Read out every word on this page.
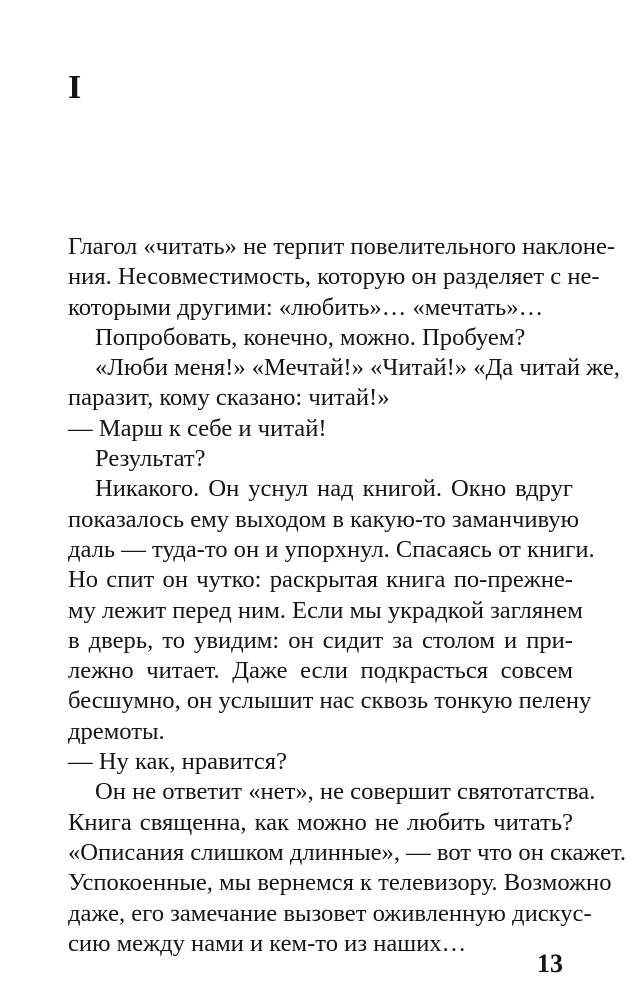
I
Глагол «читать» не терпит повелительного наклоне-
ния. Несовместимость, которую он разделяет с не-
которыми другими: «любить»… «мечтать»…
Попробовать, конечно, можно. Пробуем?
«Люби меня!» «Мечтай!» «Читай!» «Да читай же,
паразит, кому сказано: читай!»
— Марш к себе и читай!
Результат?
Никакого. Он уснул над книгой. Окно вдруг
показалось ему выходом в какую-то заманчивую
даль — туда-то он и упорхнул. Спасаясь от книги.
Но спит он чутко: раскрытая книга по-прежне-
му лежит перед ним. Если мы украдкой заглянем
в дверь, то увидим: он сидит за столом и при-
лежно читает. Даже если подкрасться совсем
бесшумно, он услышит нас сквозь тонкую пелену
дремоты.
— Ну как, нравится?
Он не ответит «нет», не совершит святотатства.
Книга священна, как можно не любить читать?
«Описания слишком длинные», — вот что он скажет.
Успокоенные, мы вернемся к телевизору. Возможно
даже, его замечание вызовет оживленную дискус-
сию между нами и кем-то из наших…
13
